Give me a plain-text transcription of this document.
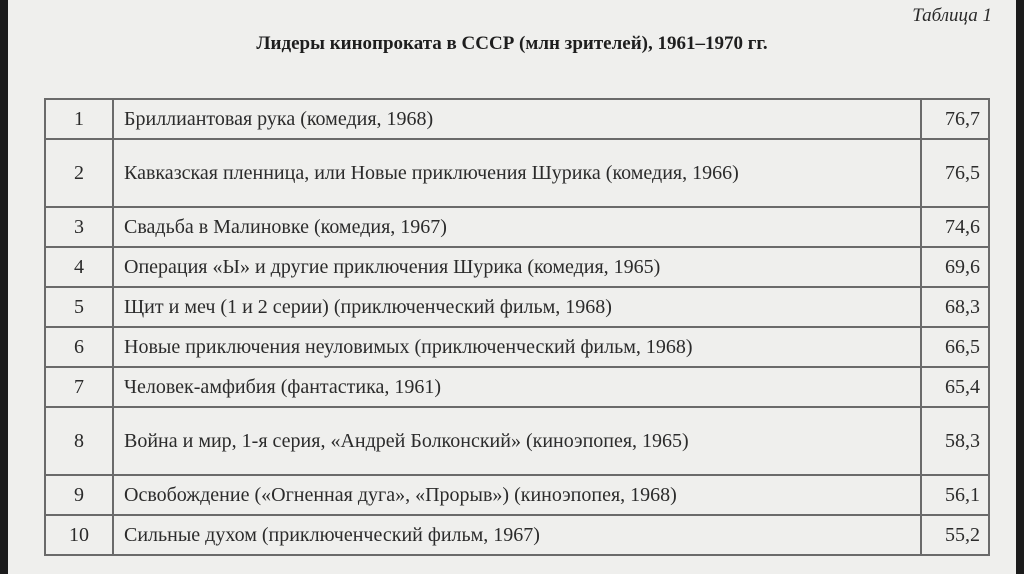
Таблица 1
Лидеры кинопроката в СССР (млн зрителей), 1961–1970 гг.
1	Бриллиантовая рука (комедия, 1968)	76,7
2	Кавказская пленница, или Новые приключения Шурика (комедия, 1966)	76,5
3	Свадьба в Малиновке (комедия, 1967)	74,6
4	Операция «Ы» и другие приключения Шурика (комедия, 1965)	69,6
5	Щит и меч (1 и 2 серии) (приключенческий фильм, 1968)	68,3
6	Новые приключения неуловимых (приключенческий фильм, 1968)	66,5
7	Человек-амфибия (фантастика, 1961)	65,4
8	Война и мир, 1-я серия, «Андрей Болконский» (киноэпопея, 1965)	58,3
9	Освобождение («Огненная дуга», «Прорыв») (киноэпопея, 1968)	56,1
10	Сильные духом (приключенческий фильм, 1967)	55,2
